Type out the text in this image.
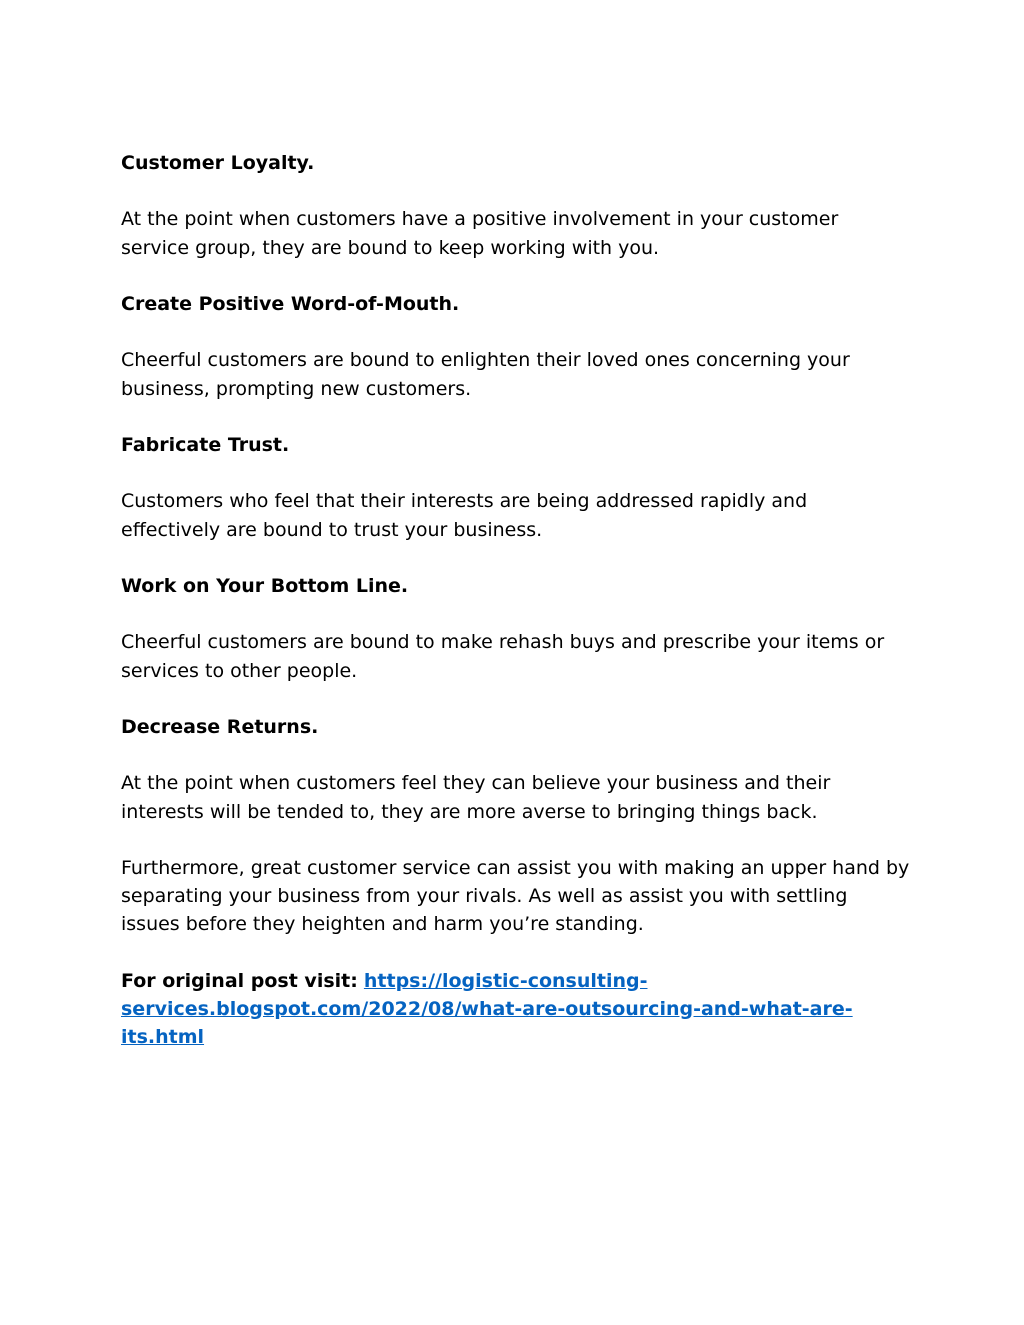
Customer Loyalty.
At the point when customers have a positive involvement in your customer service group, they are bound to keep working with you.
Create Positive Word-of-Mouth.
Cheerful customers are bound to enlighten their loved ones concerning your business, prompting new customers.
Fabricate Trust.
Customers who feel that their interests are being addressed rapidly and effectively are bound to trust your business.
Work on Your Bottom Line.
Cheerful customers are bound to make rehash buys and prescribe your items or services to other people.
Decrease Returns.
At the point when customers feel they can believe your business and their interests will be tended to, they are more averse to bringing things back.
Furthermore, great customer service can assist you with making an upper hand by separating your business from your rivals. As well as assist you with settling issues before they heighten and harm you’re standing.
For original post visit: https://logistic-consulting-services.blogspot.com/2022/08/what-are-outsourcing-and-what-are-its.html
